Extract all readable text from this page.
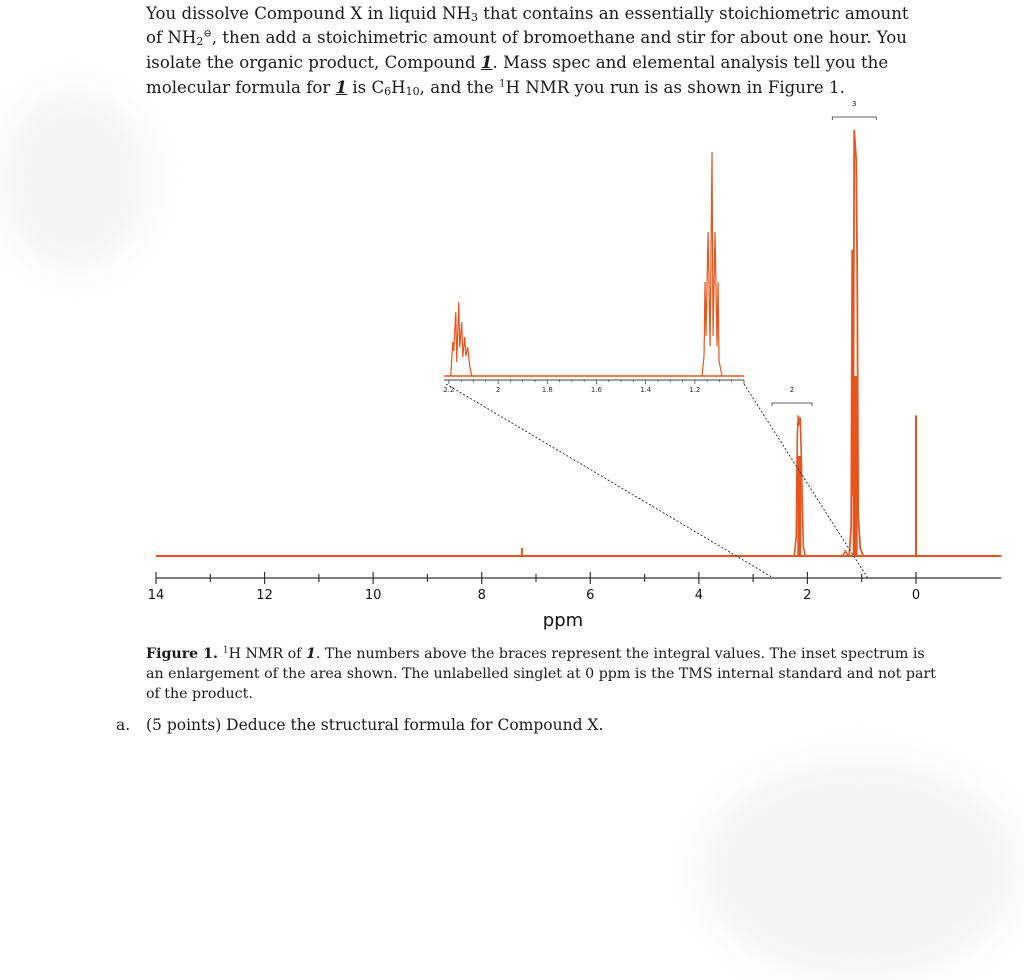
You dissolve Compound X in liquid $NH_3$ that contains an essentially stoichiometric amount of $NH_2^⊖$, then add a stoichimetric amount of bromoethane and stir for about one hour. You isolate the organic product, Compound 1. Mass spec and elemental analysis tell you the molecular formula for 1 is $C_6H_{10}$, and the $^1$H NMR you run is as shown in Figure 1.

14	12	10	8	6	4	2	0
2.2	2	1.8	1.6	1.4	1.2	2
3
ppm

Figure 1. $^1$H NMR of 1. The numbers above the braces represent the integral values. The inset spectrum is an enlargement of the area shown. The unlabelled singlet at 0 ppm is the TMS internal standard and not part of the product.

a. (5 points) Deduce the structural formula for Compound X.
